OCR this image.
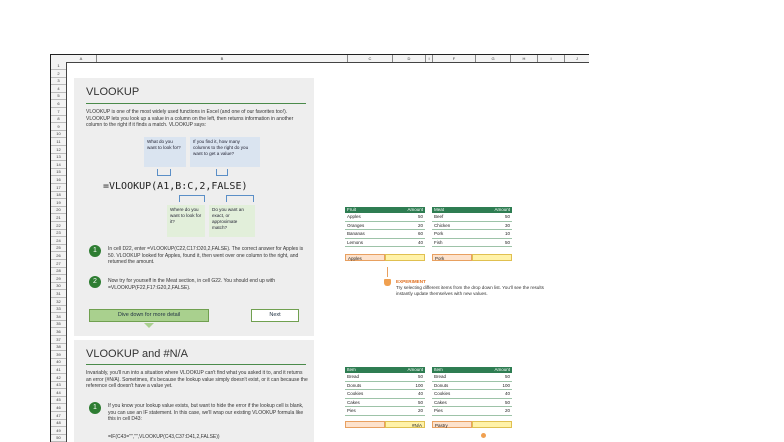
A	B	C	D	I	F	G	H	I	J
1
2
3
4
5
6
7
8
9
10
11
12
13
14
15
16
17
18
19
20
21
22
23
24
25
26
27
28
29
30
31
32
33
34
35
36
37
38
39
40
41
42
43
44
45
46
47
48
49
50
VLOOKUP
VLOOKUP is one of the most widely used functions in Excel (and one of our favorites too!). VLOOKUP lets you look up a value in a column on the left, then returns information in another column to the right if it finds a match. VLOOKUP says:
What do you want to look for?
If you find it, how many columns to the right do you want to get a value?
=VLOOKUP(A1,B:C,2,FALSE)
Where do you want to look for it?
Do you want an exact, or approximate match?
1	In cell D22, enter =VLOOKUP(C22,C17:D20,2,FALSE). The correct answer for Apples is 50. VLOOKUP looked for Apples, found it, then went over one column to the right, and returned the amount.
2	Now try for yourself in the Meat section, in cell G22. You should end up with =VLOOKUP(F22,F17:G20,2,FALSE).
Dive down for more detail	Next
VLOOKUP and #N/A
Invariably, you'll run into a situation where VLOOKUP can't find what you asked it to, and it returns an error (#N/A). Sometimes, it's because the lookup value simply doesn't exist, or it can because the reference cell doesn't have a value yet.
1	If you know your lookup value exists, but want to hide the error if the lookup cell is blank, you can use an IF statement. In this case, we'll wrap our existing VLOOKUP formula like this in cell D43:
=IF(C43="","",VLOOKUP(C43,C37:D41,2,FALSE))
Fruit	Amount
Apples	50
Oranges	20
Bananas	60
Lemons	40
Apples
Meat	Amount
Beef	50
Chicken	30
Pork	10
Fish	50
Pork
EXPERIMENT
Try selecting different items from the drop down list. You'll see the results instantly update themselves with new values.
Item	Amount
Bread	50
Donuts	100
Cookies	40
Cakes	50
Pies	20
#N/A
Item	Amount
Bread	50
Donuts	100
Cookies	40
Cakes	50
Pies	20
Pastry
